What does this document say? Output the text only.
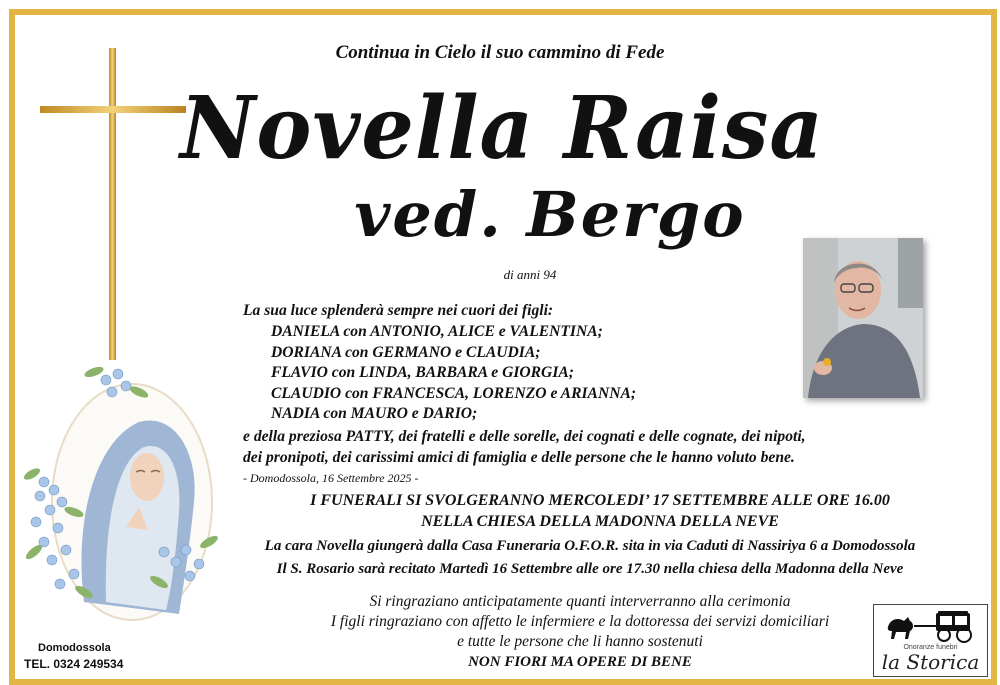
Continua in Cielo il suo cammino di Fede
Novella Raisa
ved. Bergo
di anni 94
La sua luce splenderà sempre nei cuori dei figli:
DANIELA con ANTONIO, ALICE e VALENTINA;
DORIANA con GERMANO e CLAUDIA;
FLAVIO con LINDA, BARBARA e GIORGIA;
CLAUDIO con FRANCESCA, LORENZO e ARIANNA;
NADIA con MAURO e DARIO;
e della preziosa PATTY, dei fratelli e delle sorelle, dei cognati e delle cognate, dei nipoti,
dei pronipoti, dei carissimi amici di famiglia e delle persone che le hanno voluto bene.
- Domodossola, 16 Settembre 2025 -
I FUNERALI SI SVOLGERANNO MERCOLEDI’ 17 SETTEMBRE ALLE ORE 16.00
NELLA CHIESA DELLA MADONNA DELLA NEVE
La cara Novella giungerà dalla Casa Funeraria O.F.O.R. sita in via Caduti di Nassiriya 6 a Domodossola
Il S. Rosario sarà recitato Martedì 16 Settembre alle ore 17.30 nella chiesa della Madonna della Neve
Si ringraziano anticipatamente quanti interverranno alla cerimonia
I figli ringraziano con affetto le infermiere e la dottoressa dei servizi domiciliari
e tutte le persone che li hanno sostenuti
NON FIORI MA OPERE DI BENE
Domodossola
TEL. 0324 249534
Onoranze funebri
la Storica
